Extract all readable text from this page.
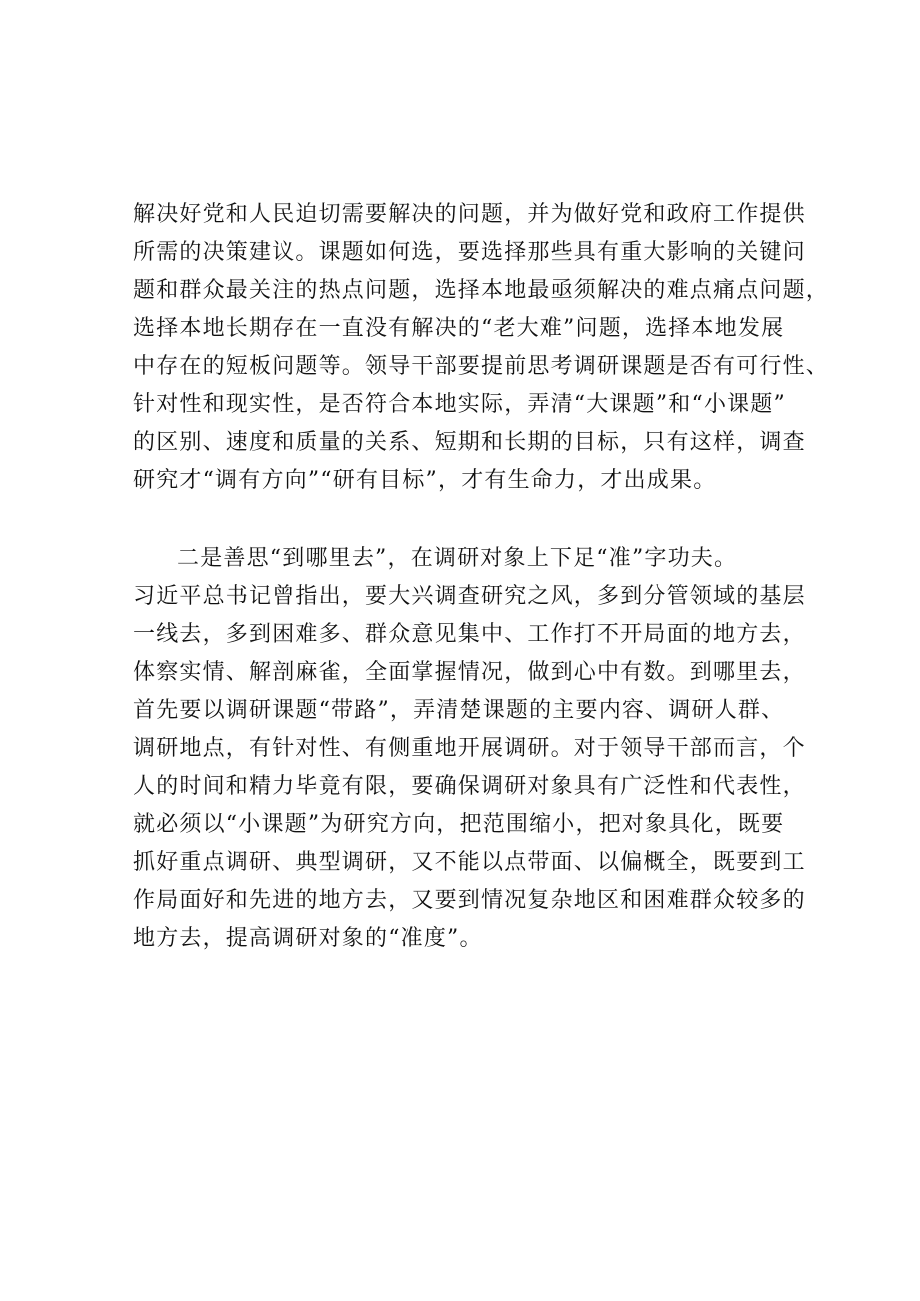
解决好党和人民迫切需要解决的问题，并为做好党和政府工作提供
所需的决策建议。课题如何选，要选择那些具有重大影响的关键问
题和群众最关注的热点问题，选择本地最亟须解决的难点痛点问题，
选择本地长期存在一直没有解决的“老大难”问题，选择本地发展
中存在的短板问题等。领导干部要提前思考调研课题是否有可行性、
针对性和现实性，是否符合本地实际，弄清“大课题”和“小课题”
的区别、速度和质量的关系、短期和长期的目标，只有这样，调查
研究才“调有方向”“研有目标”，才有生命力，才出成果。
二是善思“到哪里去”，在调研对象上下足“准”字功夫。
习近平总书记曾指出，要大兴调查研究之风，多到分管领域的基层
一线去，多到困难多、群众意见集中、工作打不开局面的地方去，
体察实情、解剖麻雀，全面掌握情况，做到心中有数。到哪里去，
首先要以调研课题“带路”，弄清楚课题的主要内容、调研人群、
调研地点，有针对性、有侧重地开展调研。对于领导干部而言，个
人的时间和精力毕竟有限，要确保调研对象具有广泛性和代表性，
就必须以“小课题”为研究方向，把范围缩小，把对象具化，既要
抓好重点调研、典型调研，又不能以点带面、以偏概全，既要到工
作局面好和先进的地方去，又要到情况复杂地区和困难群众较多的
地方去，提高调研对象的“准度”。
